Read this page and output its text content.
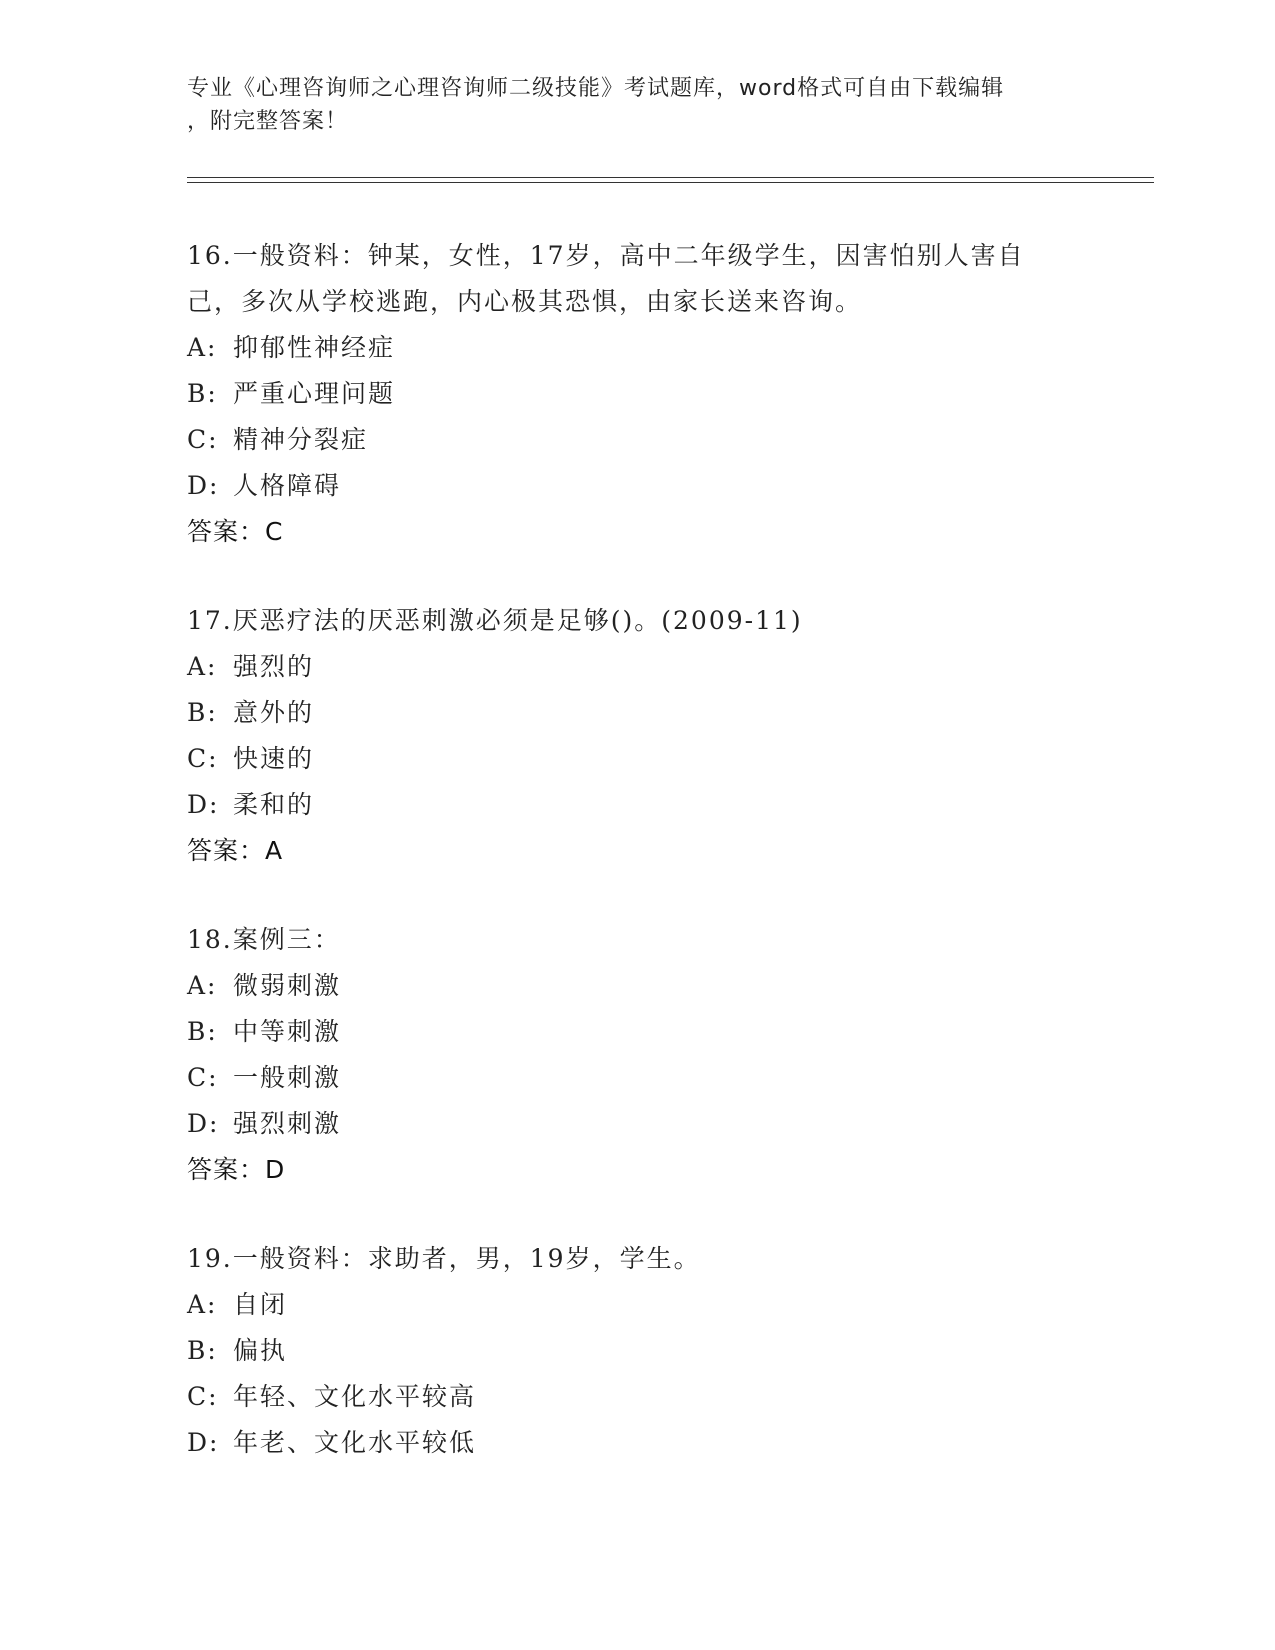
专业《心理咨询师之心理咨询师二级技能》考试题库，word格式可自由下载编辑
，附完整答案！
16.一般资料：钟某，女性，17岁，高中二年级学生，因害怕别人害自
己，多次从学校逃跑，内心极其恐惧，由家长送来咨询。
A: 抑郁性神经症
B: 严重心理问题
C: 精神分裂症
D: 人格障碍
答案：C
17.厌恶疗法的厌恶刺激必须是足够()。(2009-11)
A: 强烈的
B: 意外的
C: 快速的
D: 柔和的
答案：A
18.案例三：
A: 微弱刺激
B: 中等刺激
C: 一般刺激
D: 强烈刺激
答案：D
19.一般资料：求助者，男，19岁，学生。
A: 自闭
B: 偏执
C: 年轻、文化水平较高
D: 年老、文化水平较低
